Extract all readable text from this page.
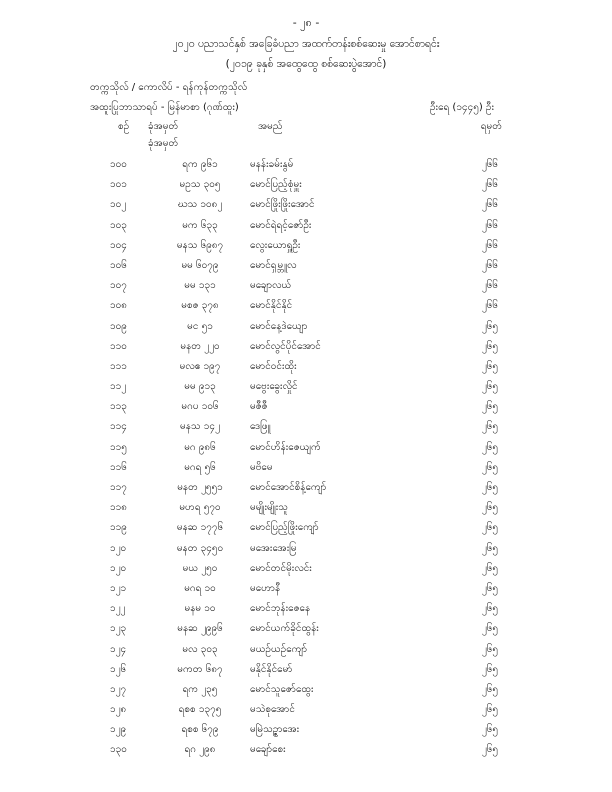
- ၂၈ -
၂၀၂၀ ပညာသင်နှစ် အခြေခံပညာ အထက်တန်းစစ်ဆေးမှု အောင်စာရင်း
(၂၀၁၉ ခုနှစ် အထွေထွေ စစ်ဆေးပွဲအောင်)
တက္ကသိုလ် / ကောလိပ် - ရန်ကုန်တက္ကသိုလ်
အထူးပြုဘာသာရပ် - မြန်မာစာ (ဂုဏ်ထူး)	ဦးရေ (၁၄၄၅) ဦး
စဉ် ခုံအမှတ်	အမည်	ရမှတ်
ခုံအမှတ်
၁၀၀	ရက ၉၆၁	မနန်းခမ်းနွမ်	၂၆၆
၁၀၁	မဥသ ၃၀၅	မောင်ပြည့်စုံမှူး	၂၆၆
၁၀၂	ဃသ ၁၀၈၂	မောင်ဖြိုးဖြိုးအောင်	၂၆၆
၁၀၃	မက ၆၃၃	မောင်ရဲရင့်ဇော်ဦး	၂၆၆
၁၀၄	မနသ ၆၉၈၇	လွေးယောရှူဦး	၂၆၆
၁၀၆	မမ ၆၀၇၉	မောင်ရှမ္ဘူလ	၂၆၆
၁၀၇	မမ ၁၃၁	မချောလယ်	၂၆၆
၁၀၈	မစဇ ၃၇၈	မောင်နိုင်နိုင်	၂၆၆
၁၀၉	မင ၅၁	မောင်နေ့ဒဲယျော	၂၆၅
၁၁၀	မနတ ၂၂၀	မောင်လွင်ပိုင်အောင်	၂၆၅
၁၁၁	မလဧ ၁၉၇	မောင်ဝင်းထိုး	၂၆၅
၁၁၂	မမ ၉၁၃	မဗွေးခွေးလှိုင်	၂၆၅
၁၁၃	မဂပ ၁၀၆	မဇီဇီ	၂၆၅
၁၁၄	မနသ ၁၄၂	ဒေဖြူ	၂၆၅
၁၁၅	မဂ ၉၈၆	မောင်ဟိန်းဇေယျက်	၂၆၅
၁၁၆	မဂရ ၅၆	မဗိမေ	၂၆၅
၁၁၇	မနတ ၂၅၅၁	မောင်အောင်စိန့်ကျော်	၂၆၅
၁၁၈	မဟရ ၅၇၀	မမျိုးမျိုးသူ	၂၆၅
၁၁၉	မနဆ ၁၇၇၆	မောင်ပြည့်ဖြိုးကျော်	၂၆၅
၁၂၀	မနတ ၃၄၅၀	မအေးအေးမြ	၂၆၅
၁၂၀	မယ ၂၅၀	မောင်တင်မိုးလင်း	၂၆၅
၁၂၁	မဂရ ၁၀	မဟောနီ	၂၆၅
၁၂၂	မနမ ၁၀	မောင်ဘုန်းဇေနေ	၂၆၅
၁၂၃	မနဆ ၂၉၉၆	မောင်ယက်ခိုင်ထွန်း	၂၆၅
၁၂၄	မလ ၃၀၃	မယဉ်ယဉ်ကျော်	၂၆၅
၁၂၆	မကတ ၆၈၇	မနိုင်နိုင်မော်	၂၆၅
၁၂၇	ရက ၂၃၅	မောင်သူဇော်ထွေး	၂၆၅
၁၂၈	ရစစ ၁၃၇၅	မသဲစုအောင်	၂၆၅
၁၂၉	ရစစ ၆၇၉	မမြဲသဉ္ဇာအေး	၂၆၅
၁၃၀	ရဂ ၂၉၈	မချော်စေး	၂၆၅
